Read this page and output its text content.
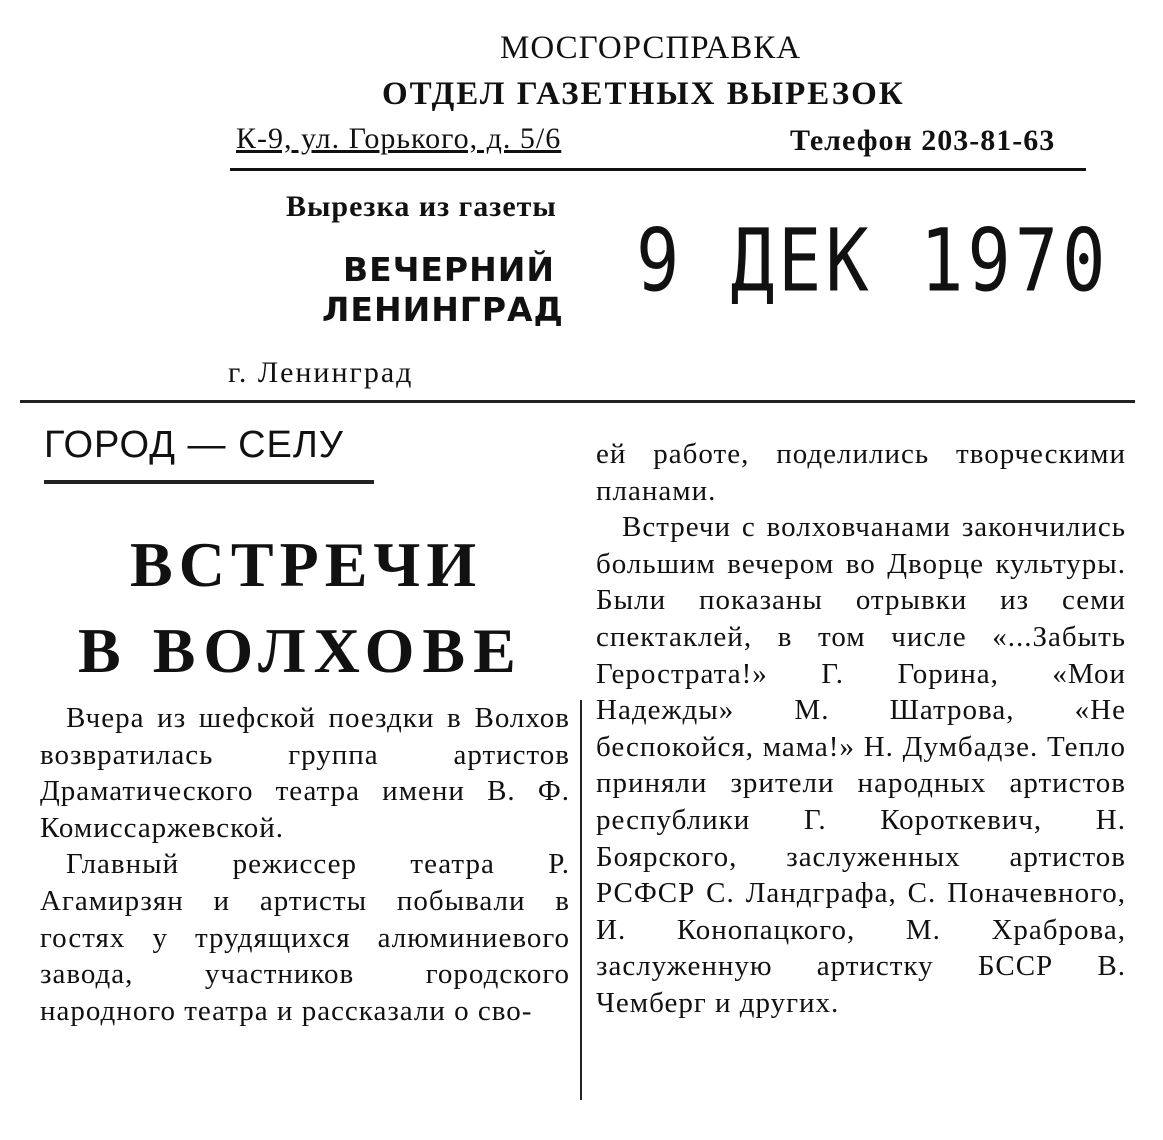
МОСГОРСПРАВКА
ОТДЕЛ ГАЗЕТНЫХ ВЫРЕЗОК
К-9, ул. Горького, д. 5/6	Телефон 203-81-63
Вырезка из газеты
ВЕЧЕРНИЙ
ЛЕНИНГРАД 9 ДЕК 1970
г. Ленинград
ГОРОД — СЕЛУ
ВСТРЕЧИ
В ВОЛХОВЕ

Вчера из шефской поездки в Волхов возвратилась группа артистов Драматического театра имени В. Ф. Комиссаржевской.

Главный режиссер театра Р. Агамирзян и артисты побывали в гостях у трудящихся алюминиевого завода, участников городского народного театра и рассказали о сво-

ей работе, поделились творческими планами.

Встречи с волховчанами закончились большим вечером во Дворце культуры. Были показаны отрывки из семи спектаклей, в том числе «...Забыть Герострата!» Г. Горина, «Мои Надежды» М. Шатрова, «Не беспокойся, мама!» Н. Думбадзе. Тепло приняли зрители народных артистов республики Г. Короткевич, Н. Боярского, заслуженных артистов РСФСР С. Ландграфа, С. Поначевного, И. Конопацкого, М. Храброва, заслуженную артистку БССР В. Чемберг и других.
